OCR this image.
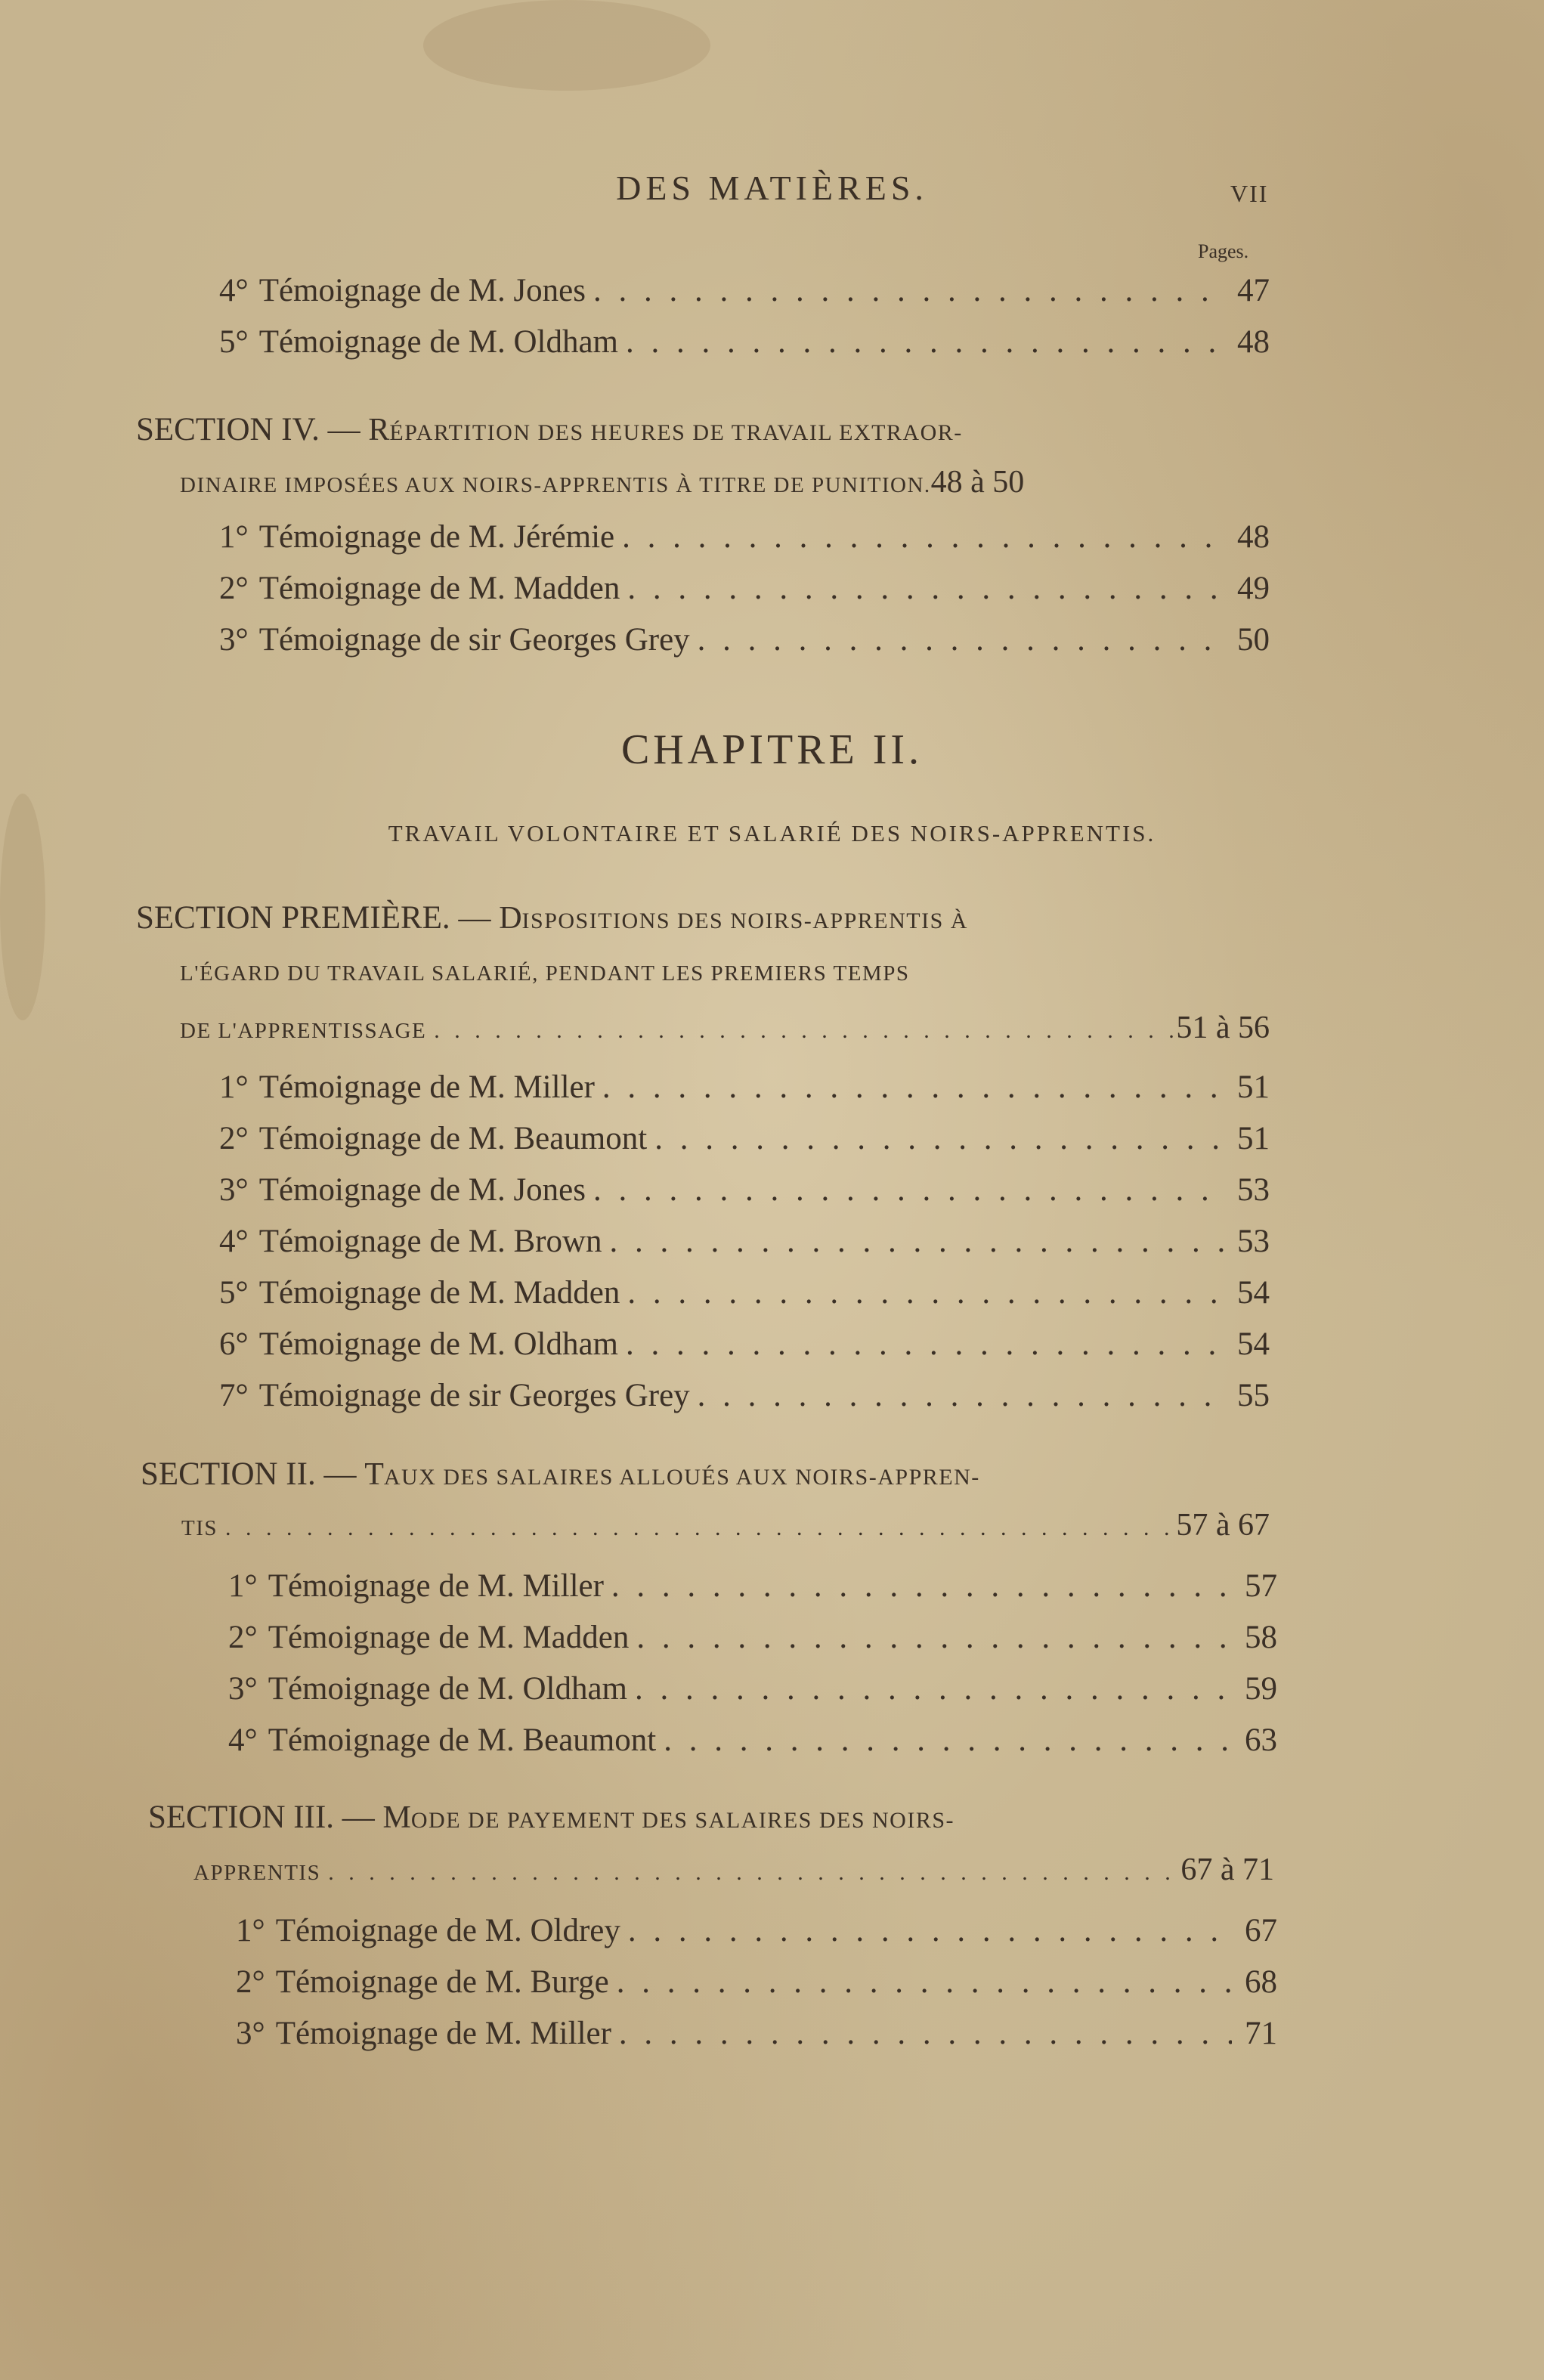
DES MATIÈRES.	VII
Pages.
4° Témoignage de M. Jones . . .	47
5° Témoignage de M. Oldham . . .	48
SECTION IV. — RÉPARTITION DES HEURES DE TRAVAIL EXTRAOR-
DINAIRE IMPOSÉES AUX NOIRS-APPRENTIS À TITRE DE PUNITION. 48 à 50
1° Témoignage de M. Jérémie . . .	48
2° Témoignage de M. Madden . . .	49
3° Témoignage de sir Georges Grey . . .	50
CHAPITRE II.
TRAVAIL VOLONTAIRE ET SALARIÉ DES NOIRS-APPRENTIS.
SECTION PREMIÈRE. — DISPOSITIONS DES NOIRS-APPRENTIS À
L'ÉGARD DU TRAVAIL SALARIÉ, PENDANT LES PREMIERS TEMPS
DE L'APPRENTISSAGE . . .	51 à 56
1° Témoignage de M. Miller . . .	51
2° Témoignage de M. Beaumont . . .	51
3° Témoignage de M. Jones . . .	53
4° Témoignage de M. Brown . . .	53
5° Témoignage de M. Madden . . .	54
6° Témoignage de M. Oldham . . .	54
7° Témoignage de sir Georges Grey . . .	55
SECTION II. — TAUX DES SALAIRES ALLOUÉS AUX NOIRS-APPREN-
TIS . . .	57 à 67
1° Témoignage de M. Miller . . .	57
2° Témoignage de M. Madden . . .	58
3° Témoignage de M. Oldham . . .	59
4° Témoignage de M. Beaumont . . .	63
SECTION III. — MODE DE PAYEMENT DES SALAIRES DES NOIRS-
APPRENTIS . . .	67 à 71
1° Témoignage de M. Oldrey . . .	67
2° Témoignage de M. Burge . . .	68
3° Témoignage de M. Miller . . .	71
